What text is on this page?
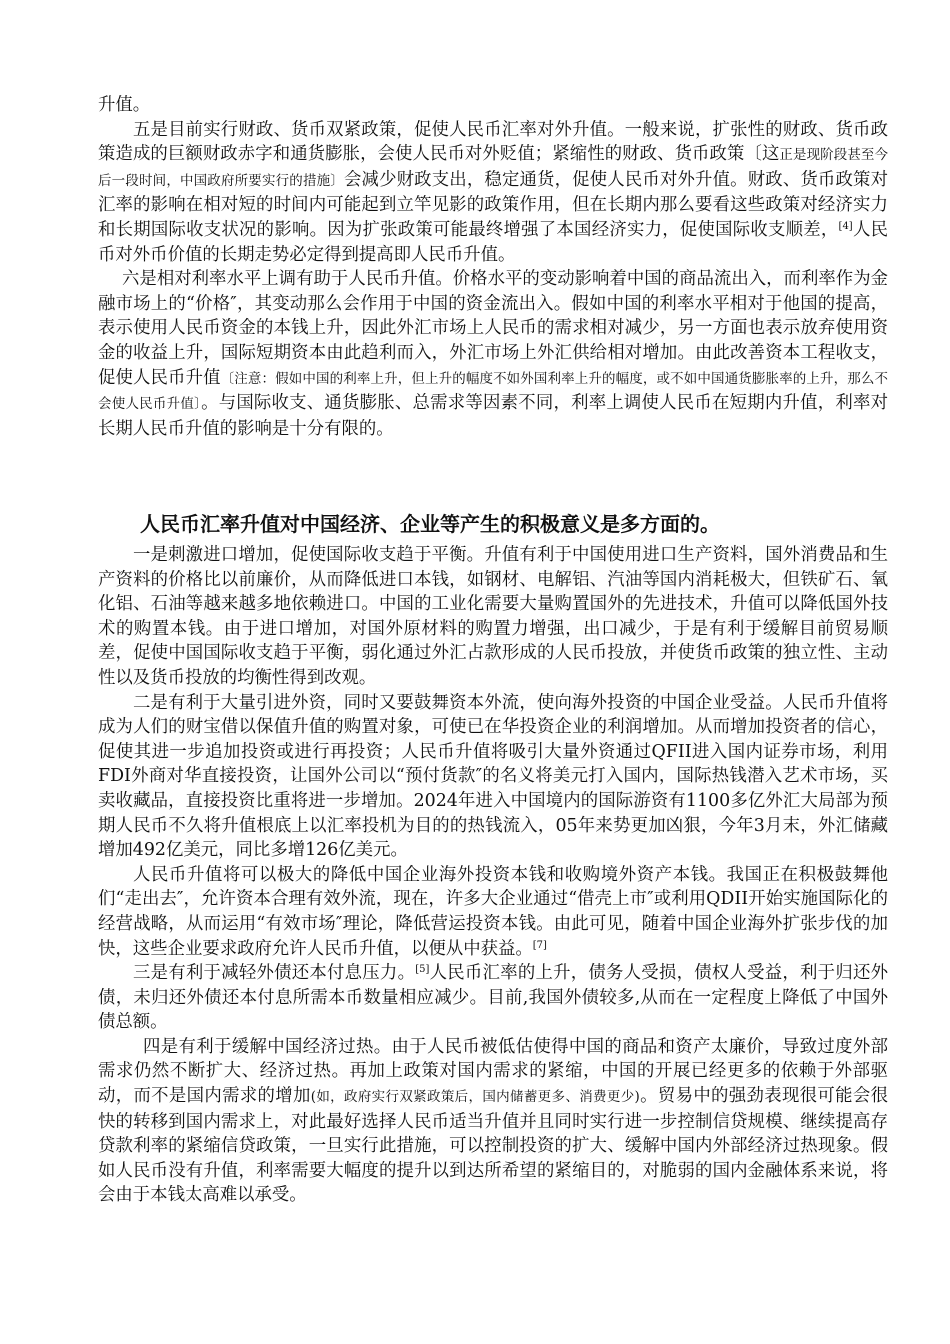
升值。

五是目前实行财政、货币双紧政策，促使人民币汇率对外升值。一般来说，扩张性的财政、货币政策造成的巨额财政赤字和通货膨胀，会使人民币对外贬值；紧缩性的财政、货币政策〔这正是现阶段甚至今后一段时间，中国政府所要实行的措施〕会减少财政支出，稳定通货，促使人民币对外升值。财政、货币政策对汇率的影响在相对短的时间内可能起到立竿见影的政策作用，但在长期内那么要看这些政策对经济实力和长期国际收支状况的影响。因为扩张政策可能最终增强了本国经济实力，促使国际收支顺差，[4]人民币对外币价值的长期走势必定得到提高即人民币升值。

六是相对利率水平上调有助于人民币升值。价格水平的变动影响着中国的商品流出入，而利率作为金融市场上的“价格″，其变动那么会作用于中国的资金流出入。假如中国的利率水平相对于他国的提高，表示使用人民币资金的本钱上升，因此外汇市场上人民币的需求相对减少，另一方面也表示放弃使用资金的收益上升，国际短期资本由此趋利而入，外汇市场上外汇供给相对增加。由此改善资本工程收支，促使人民币升值〔注意：假如中国的利率上升，但上升的幅度不如外国利率上升的幅度，或不如中国通货膨胀率的上升，那么不会使人民币升值〕。与国际收支、通货膨胀、总需求等因素不同，利率上调使人民币在短期内升值，利率对长期人民币升值的影响是十分有限的。

人民币汇率升值对中国经济、企业等产生的积极意义是多方面的。

一是刺激进口增加，促使国际收支趋于平衡。升值有利于中国使用进口生产资料，国外消费品和生产资料的价格比以前廉价，从而降低进口本钱，如钢材、电解铝、汽油等国内消耗极大，但铁矿石、氧化铝、石油等越来越多地依赖进口。中国的工业化需要大量购置国外的先进技术，升值可以降低国外技术的购置本钱。由于进口增加，对国外原材料的购置力增强，出口减少，于是有利于缓解目前贸易顺差，促使中国国际收支趋于平衡，弱化通过外汇占款形成的人民币投放，并使货币政策的独立性、主动性以及货币投放的均衡性得到改观。

二是有利于大量引进外资，同时又要鼓舞资本外流，使向海外投资的中国企业受益。人民币升值将成为人们的财宝借以保值升值的购置对象，可使已在华投资企业的利润增加。从而增加投资者的信心，促使其进一步追加投资或进行再投资；人民币升值将吸引大量外资通过QFII进入国内证券市场，利用FDI外商对华直接投资，让国外公司以“预付货款″的名义将美元打入国内，国际热钱潜入艺术市场，买卖收藏品，直接投资比重将进一步增加。2024年进入中国境内的国际游资有1100多亿外汇大局部为预期人民币不久将升值根底上以汇率投机为目的的热钱流入，05年来势更加凶狠，今年3月末，外汇储藏增加492亿美元，同比多增126亿美元。

人民币升值将可以极大的降低中国企业海外投资本钱和收购境外资产本钱。我国正在积极鼓舞他们“走出去″，允许资本合理有效外流，现在，许多大企业通过“借壳上市″或利用QDII开始实施国际化的经营战略，从而运用“有效市场″理论，降低营运投资本钱。由此可见，随着中国企业海外扩张步伐的加快，这些企业要求政府允许人民币升值，以便从中获益。[7]

三是有利于减轻外债还本付息压力。[5]人民币汇率的上升，债务人受损，债权人受益，利于归还外债，未归还外债还本付息所需本币数量相应减少。目前,我国外债较多,从而在一定程度上降低了中国外债总额。

四是有利于缓解中国经济过热。由于人民币被低估使得中国的商品和资产太廉价，导致过度外部需求仍然不断扩大、经济过热。再加上政策对国内需求的紧缩，中国的开展已经更多的依赖于外部驱动，而不是国内需求的增加(如，政府实行双紧政策后，国内储蓄更多、消费更少)。贸易中的强劲表现很可能会很快的转移到国内需求上，对此最好选择人民币适当升值并且同时实行进一步控制信贷规模、继续提高存贷款利率的紧缩信贷政策，一旦实行此措施，可以控制投资的扩大、缓解中国内外部经济过热现象。假如人民币没有升值，利率需要大幅度的提升以到达所希望的紧缩目的，对脆弱的国内金融体系来说，将会由于本钱太高难以承受。
